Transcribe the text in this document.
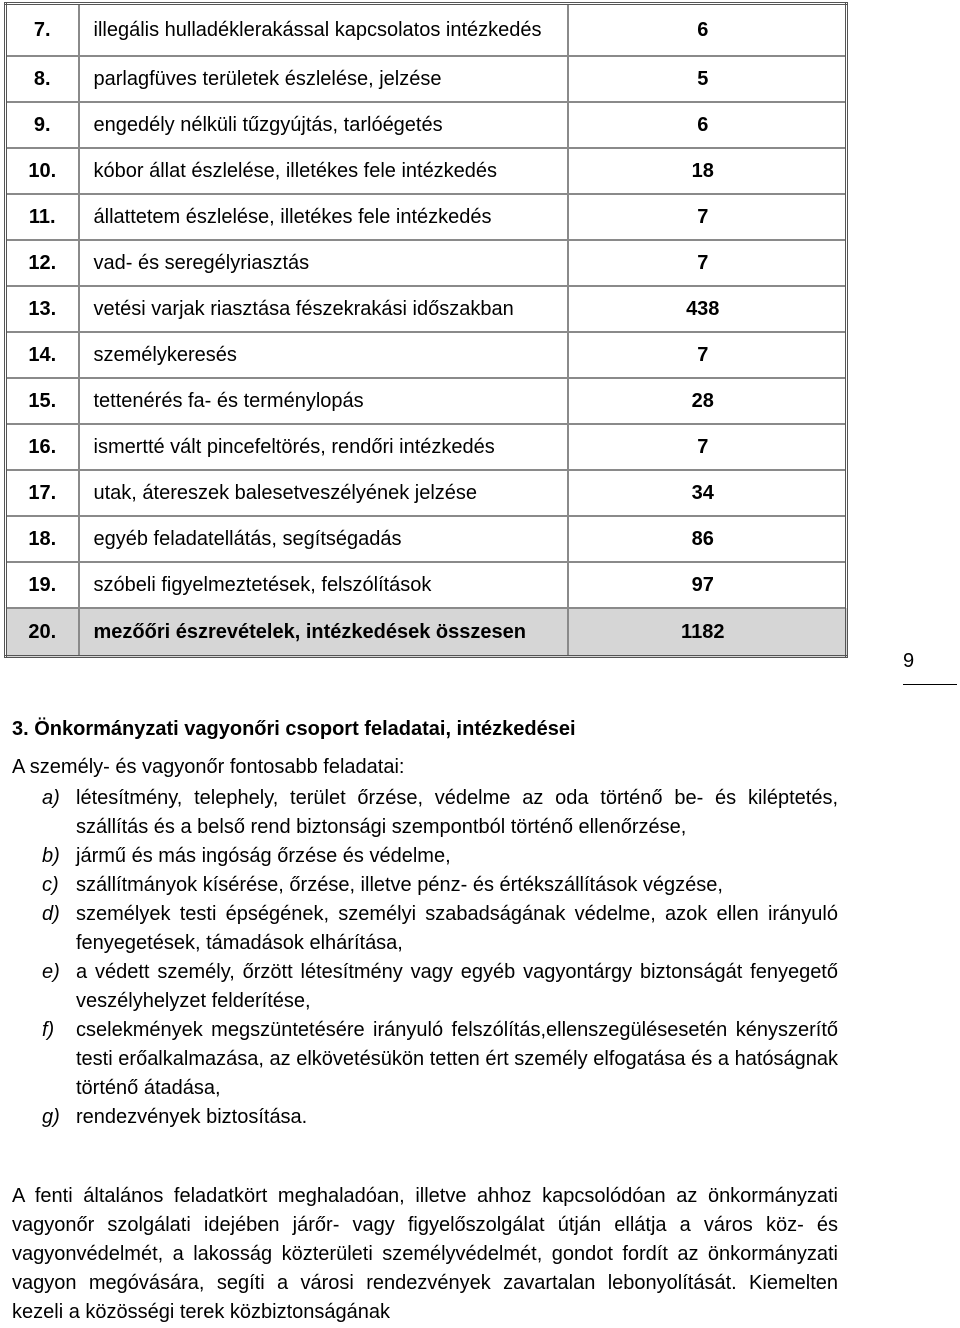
7.	illegális hulladéklerakással kapcsolatos intézkedés	6
8.	parlagfüves területek észlelése, jelzése	5
9.	engedély nélküli tűzgyújtás, tarlóégetés	6
10.	kóbor állat észlelése, illetékes fele intézkedés	18
11.	állattetem észlelése, illetékes fele intézkedés	7
12.	vad- és seregélyriasztás	7
13.	vetési varjak riasztása fészekrakási időszakban	438
14.	személykeresés	7
15.	tettenérés fa- és terménylopás	28
16.	ismertté vált pincefeltörés, rendőri intézkedés	7
17.	utak, átereszek balesetveszélyének jelzése	34
18.	egyéb feladatellátás, segítségadás	86
19.	szóbeli figyelmeztetések, felszólítások	97
20.	mezőőri észrevételek, intézkedések összesen	1182
9
3. Önkormányzati vagyonőri csoport feladatai, intézkedései

A személy- és vagyonőr fontosabb feladatai:

a) létesítmény, telephely, terület őrzése, védelme az oda történő be- és kiléptetés, szállítás és a belső rend biztonsági szempontból történő ellenőrzése,
b) jármű és más ingóság őrzése és védelme,
c) szállítmányok kísérése, őrzése, illetve pénz- és értékszállítások végzése,
d) személyek testi épségének, személyi szabadságának védelme, azok ellen irányuló fenyegetések, támadások elhárítása,
e) a védett személy, őrzött létesítmény vagy egyéb vagyontárgy biztonságát fenyegető veszélyhelyzet felderítése,
f) cselekmények megszüntetésére irányuló felszólítás,ellenszegülésesetén kényszerítő testi erőalkalmazása, az elkövetésükön tetten ért személy elfogatása és a hatóságnak történő átadása,
g) rendezvények biztosítása.

A fenti általános feladatkört meghaladóan, illetve ahhoz kapcsolódóan az önkormányzati vagyonőr szolgálati idejében járőr- vagy figyelőszolgálat útján ellátja a város köz- és vagyonvédelmét, a lakosság közterületi személyvédelmét, gondot fordít az önkormányzati vagyon megóvására, segíti a városi rendezvények zavartalan lebonyolítását. Kiemelten kezeli a közösségi terek közbiztonságának
